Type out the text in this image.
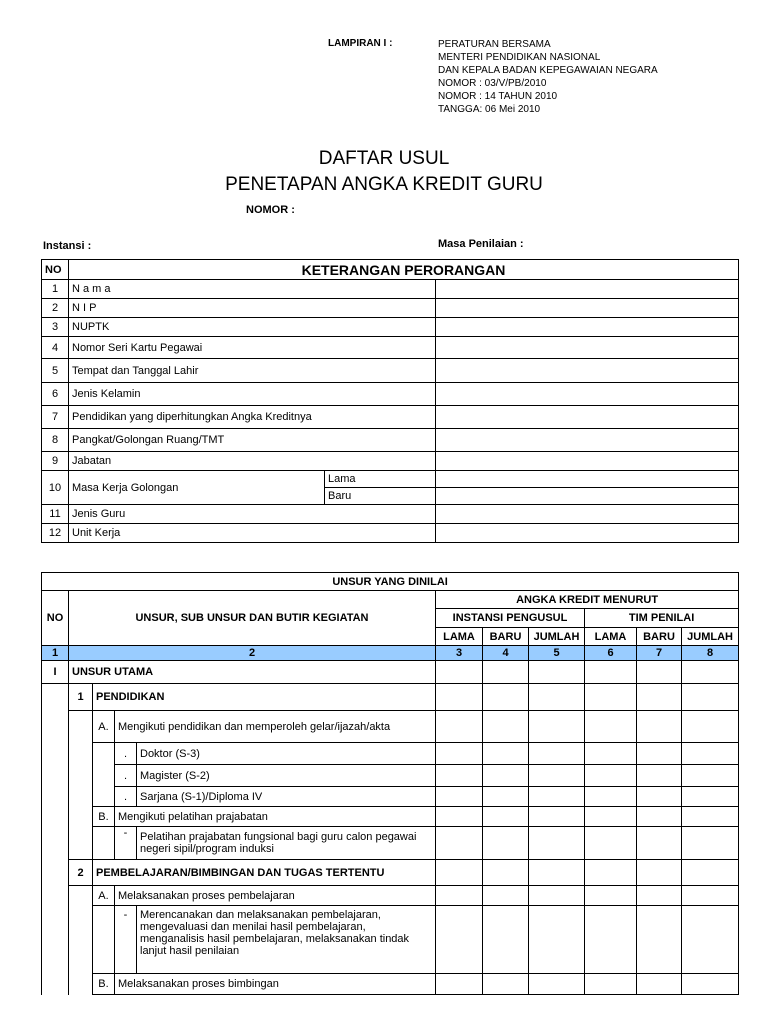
LAMPIRAN I :	PERATURAN BERSAMA
MENTERI PENDIDIKAN NASIONAL
DAN KEPALA BADAN KEPEGAWAIAN NEGARA
NOMOR : 03/V/PB/2010
NOMOR : 14 TAHUN 2010
TANGGA: 06 Mei 2010
DAFTAR USUL
PENETAPAN ANGKA KREDIT GURU
NOMOR :
Instansi :	Masa Penilaian :
NO	KETERANGAN PERORANGAN		
1	N a m a		
2	N I P		
3	NUPTK		
4	Nomor Seri Kartu Pegawai		
5	Tempat dan Tanggal Lahir		
6	Jenis Kelamin		
7	Pendidikan yang diperhitungkan Angka Kreditnya		
8	Pangkat/Golongan Ruang/TMT		
9	Jabatan		
10	Masa Kerja Golongan	Lama	
		Baru	
11	Jenis Guru		
12	Unit Kerja		
UNSUR YANG DINILAI										
NO	UNSUR, SUB UNSUR DAN BUTIR KEGIATAN				ANGKA KREDIT MENURUT					
					INSTANSI PENGUSUL			TIM PENILAI		
					LAMA	BARU	JUMLAH	LAMA	BARU	JUMLAH
1	2				3	4	5	6	7	8
I	UNSUR UTAMA									
	1	PENDIDIKAN								
		A.	Mengikuti pendidikan dan memperoleh gelar/ijazah/akta							
			.	Doktor (S-3)						
			.	Magister (S-2)						
			.	Sarjana (S-1)/Diploma IV						
		B.	Mengikuti pelatihan prajabatan							
			-	Pelatihan prajabatan fungsional bagi guru calon pegawai negeri sipil/program induksi						
	2	PEMBELAJARAN/BIMBINGAN DAN TUGAS TERTENTU								
		A.	Melaksanakan proses pembelajaran							
			-	Merencanakan dan melaksanakan pembelajaran, mengevaluasi dan menilai hasil pembelajaran, menganalisis hasil pembelajaran, melaksanakan tindak lanjut hasil penilaian						
		B.	Melaksanakan proses bimbingan							
